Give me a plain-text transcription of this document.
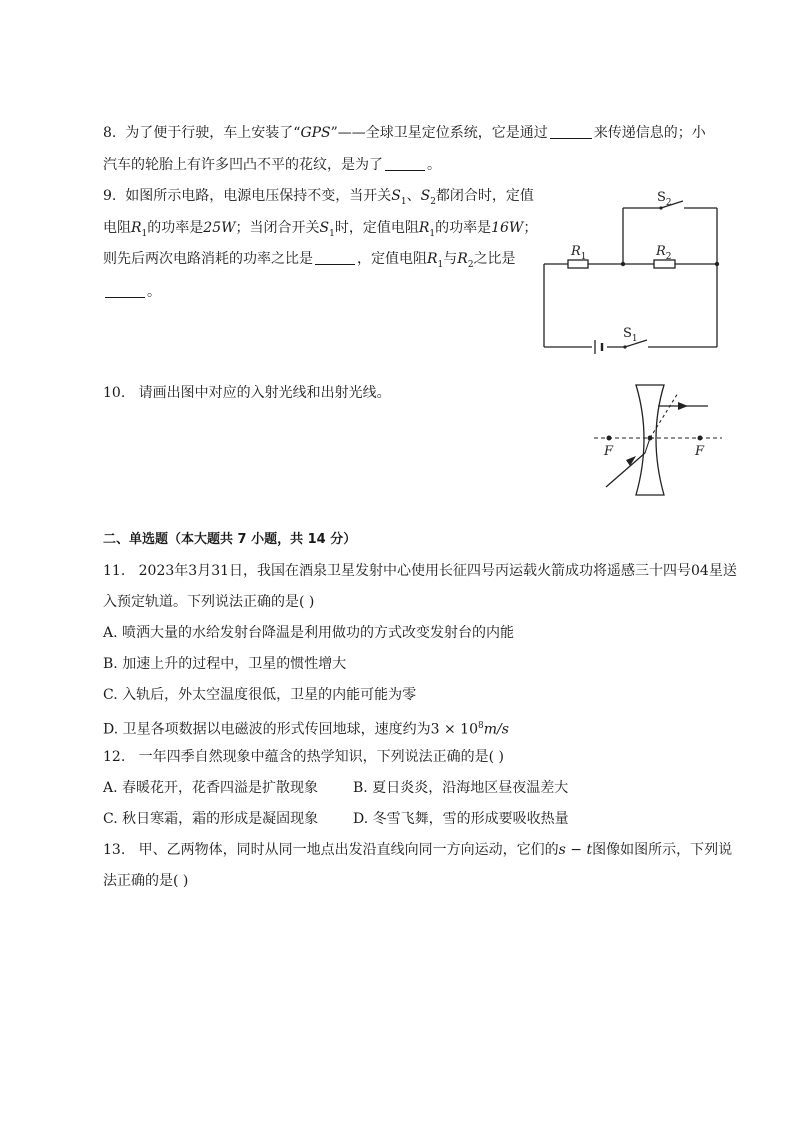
8. 为了便于行驶，车上安装了“GPS”——全球卫星定位系统，它是通过	来传递信息的；小
汽车的轮胎上有许多凹凸不平的花纹，是为了	。
9. 如图所示电路，电源电压保持不变，当开关$S_1$、$S_2$都闭合时，定值
电阻$R_1$的功率是25W；当闭合开关$S_1$时，定值电阻$R_1$的功率是16W；
则先后两次电路消耗的功率之比是	，定值电阻$R_1$与$R_2$之比是
。
$S_2$
$S_1$
$R_1$	$R_2$
10. 请画出图中对应的入射光线和出射光线。
F	F
二、单选题（本大题共 7 小题，共 14 分）
11. 2023年3月31日，我国在酒泉卫星发射中心使用长征四号丙运载火箭成功将遥感三十四号04星送
入预定轨道。下列说法正确的是( )
A. 喷洒大量的水给发射台降温是利用做功的方式改变发射台的内能
B. 加速上升的过程中，卫星的惯性增大
C. 入轨后，外太空温度很低，卫星的内能可能为零
D. 卫星各项数据以电磁波的形式传回地球，速度约为$3 \times 10^8m/s$
12. 一年四季自然现象中蕴含的热学知识，下列说法正确的是( )
A. 春暖花开，花香四溢是扩散现象 B. 夏日炎炎，沿海地区昼夜温差大
C. 秋日寒霜，霜的形成是凝固现象 D. 冬雪飞舞，雪的形成要吸收热量
13. 甲、乙两物体，同时从同一地点出发沿直线向同一方向运动，它们的s − t图像如图所示，下列说
法正确的是( )
